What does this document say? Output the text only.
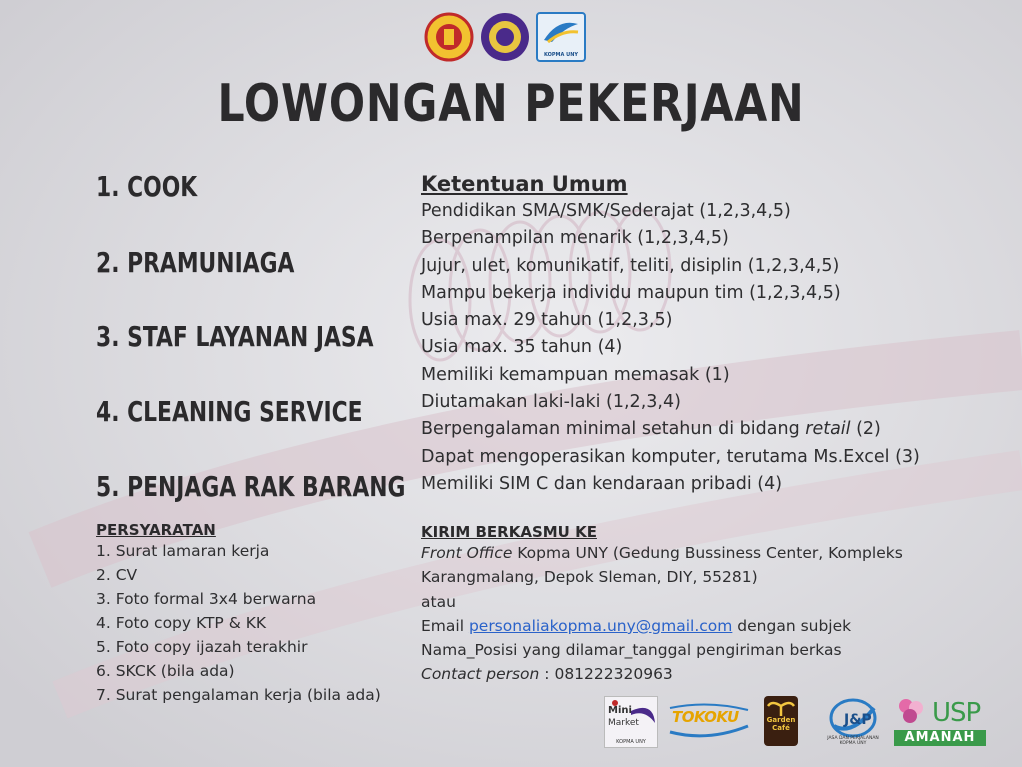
KOPMA UNY
LOWONGAN PEKERJAAN
1. COOK
2. PRAMUNIAGA
3. STAF LAYANAN JASA
4. CLEANING SERVICE
5. PENJAGA RAK BARANG
PERSYARATAN
1. Surat lamaran kerja
2. CV
3. Foto formal 3x4 berwarna
4. Foto copy KTP & KK
5. Foto copy ijazah terakhir
6. SKCK (bila ada)
7. Surat pengalaman kerja (bila ada)
Ketentuan Umum
Pendidikan SMA/SMK/Sederajat (1,2,3,4,5)
Berpenampilan menarik (1,2,3,4,5)
Jujur, ulet, komunikatif, teliti, disiplin (1,2,3,4,5)
Mampu bekerja individu maupun tim (1,2,3,4,5)
Usia max. 29 tahun (1,2,3,5)
Usia max. 35 tahun (4)
Memiliki kemampuan memasak (1)
Diutamakan laki-laki (1,2,3,4)
Berpengalaman minimal setahun di bidang retail (2)
Dapat mengoperasikan komputer, terutama Ms.Excel (3)
Memiliki SIM C dan kendaraan pribadi (4)
KIRIM BERKASMU KE
Front Office Kopma UNY (Gedung Bussiness Center, Kompleks
Karangmalang, Depok Sleman, DIY, 55281)
atau
Email personaliakopma.uny@gmail.com dengan subjek
Nama_Posisi yang dilamar_tanggal pengiriman berkas
Contact person : 081222320963
Mini
Market
KOPMA UNY
TOKOKU	Garden
Café	J&P
JASA DAN PERJALANAN KOPMA UNY
USP
AMANAH
